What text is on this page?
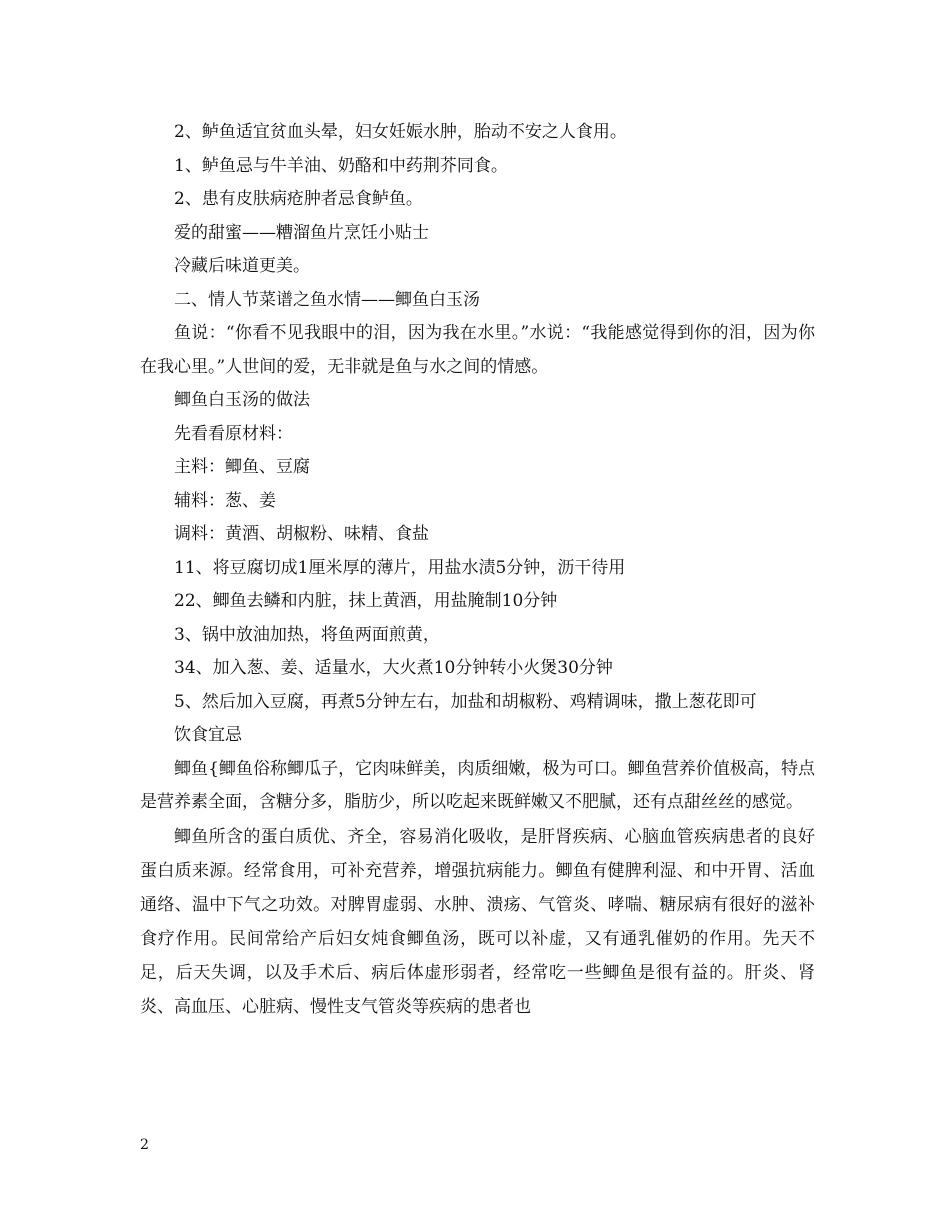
2、鲈鱼适宜贫血头晕，妇女妊娠水肿，胎动不安之人食用。

1、鲈鱼忌与牛羊油、奶酪和中药荆芥同食。

2、患有皮肤病疮肿者忌食鲈鱼。

爱的甜蜜——糟溜鱼片烹饪小贴士

冷藏后味道更美。

二、情人节菜谱之鱼水情——鲫鱼白玉汤

鱼说：“你看不见我眼中的泪，因为我在水里。”水说：“我能感觉得到你的泪，因为你在我心里。”人世间的爱，无非就是鱼与水之间的情感。

鲫鱼白玉汤的做法

先看看原材料：

主料：鲫鱼、豆腐

辅料：葱、姜

调料：黄酒、胡椒粉、味精、食盐

11、将豆腐切成1厘米厚的薄片，用盐水渍5分钟，沥干待用

22、鲫鱼去鳞和内脏，抹上黄酒，用盐腌制10分钟

3、锅中放油加热，将鱼两面煎黄，

34、加入葱、姜、适量水，大火煮10分钟转小火煲30分钟

5、然后加入豆腐，再煮5分钟左右，加盐和胡椒粉、鸡精调味，撒上葱花即可

饮食宜忌

鲫鱼{鲫鱼俗称鲫瓜子，它肉味鲜美，肉质细嫩，极为可口。鲫鱼营养价值极高，特点是营养素全面，含糖分多，脂肪少，所以吃起来既鲜嫩又不肥腻，还有点甜丝丝的感觉。

鲫鱼所含的蛋白质优、齐全，容易消化吸收，是肝肾疾病、心脑血管疾病患者的良好蛋白质来源。经常食用，可补充营养，增强抗病能力。鲫鱼有健脾利湿、和中开胃、活血通络、温中下气之功效。对脾胃虚弱、水肿、溃疡、气管炎、哮喘、糖尿病有很好的滋补食疗作用。民间常给产后妇女炖食鲫鱼汤，既可以补虚，又有通乳催奶的作用。先天不足，后天失调，以及手术后、病后体虚形弱者，经常吃一些鲫鱼是很有益的。肝炎、肾炎、高血压、心脏病、慢性支气管炎等疾病的患者也

2
